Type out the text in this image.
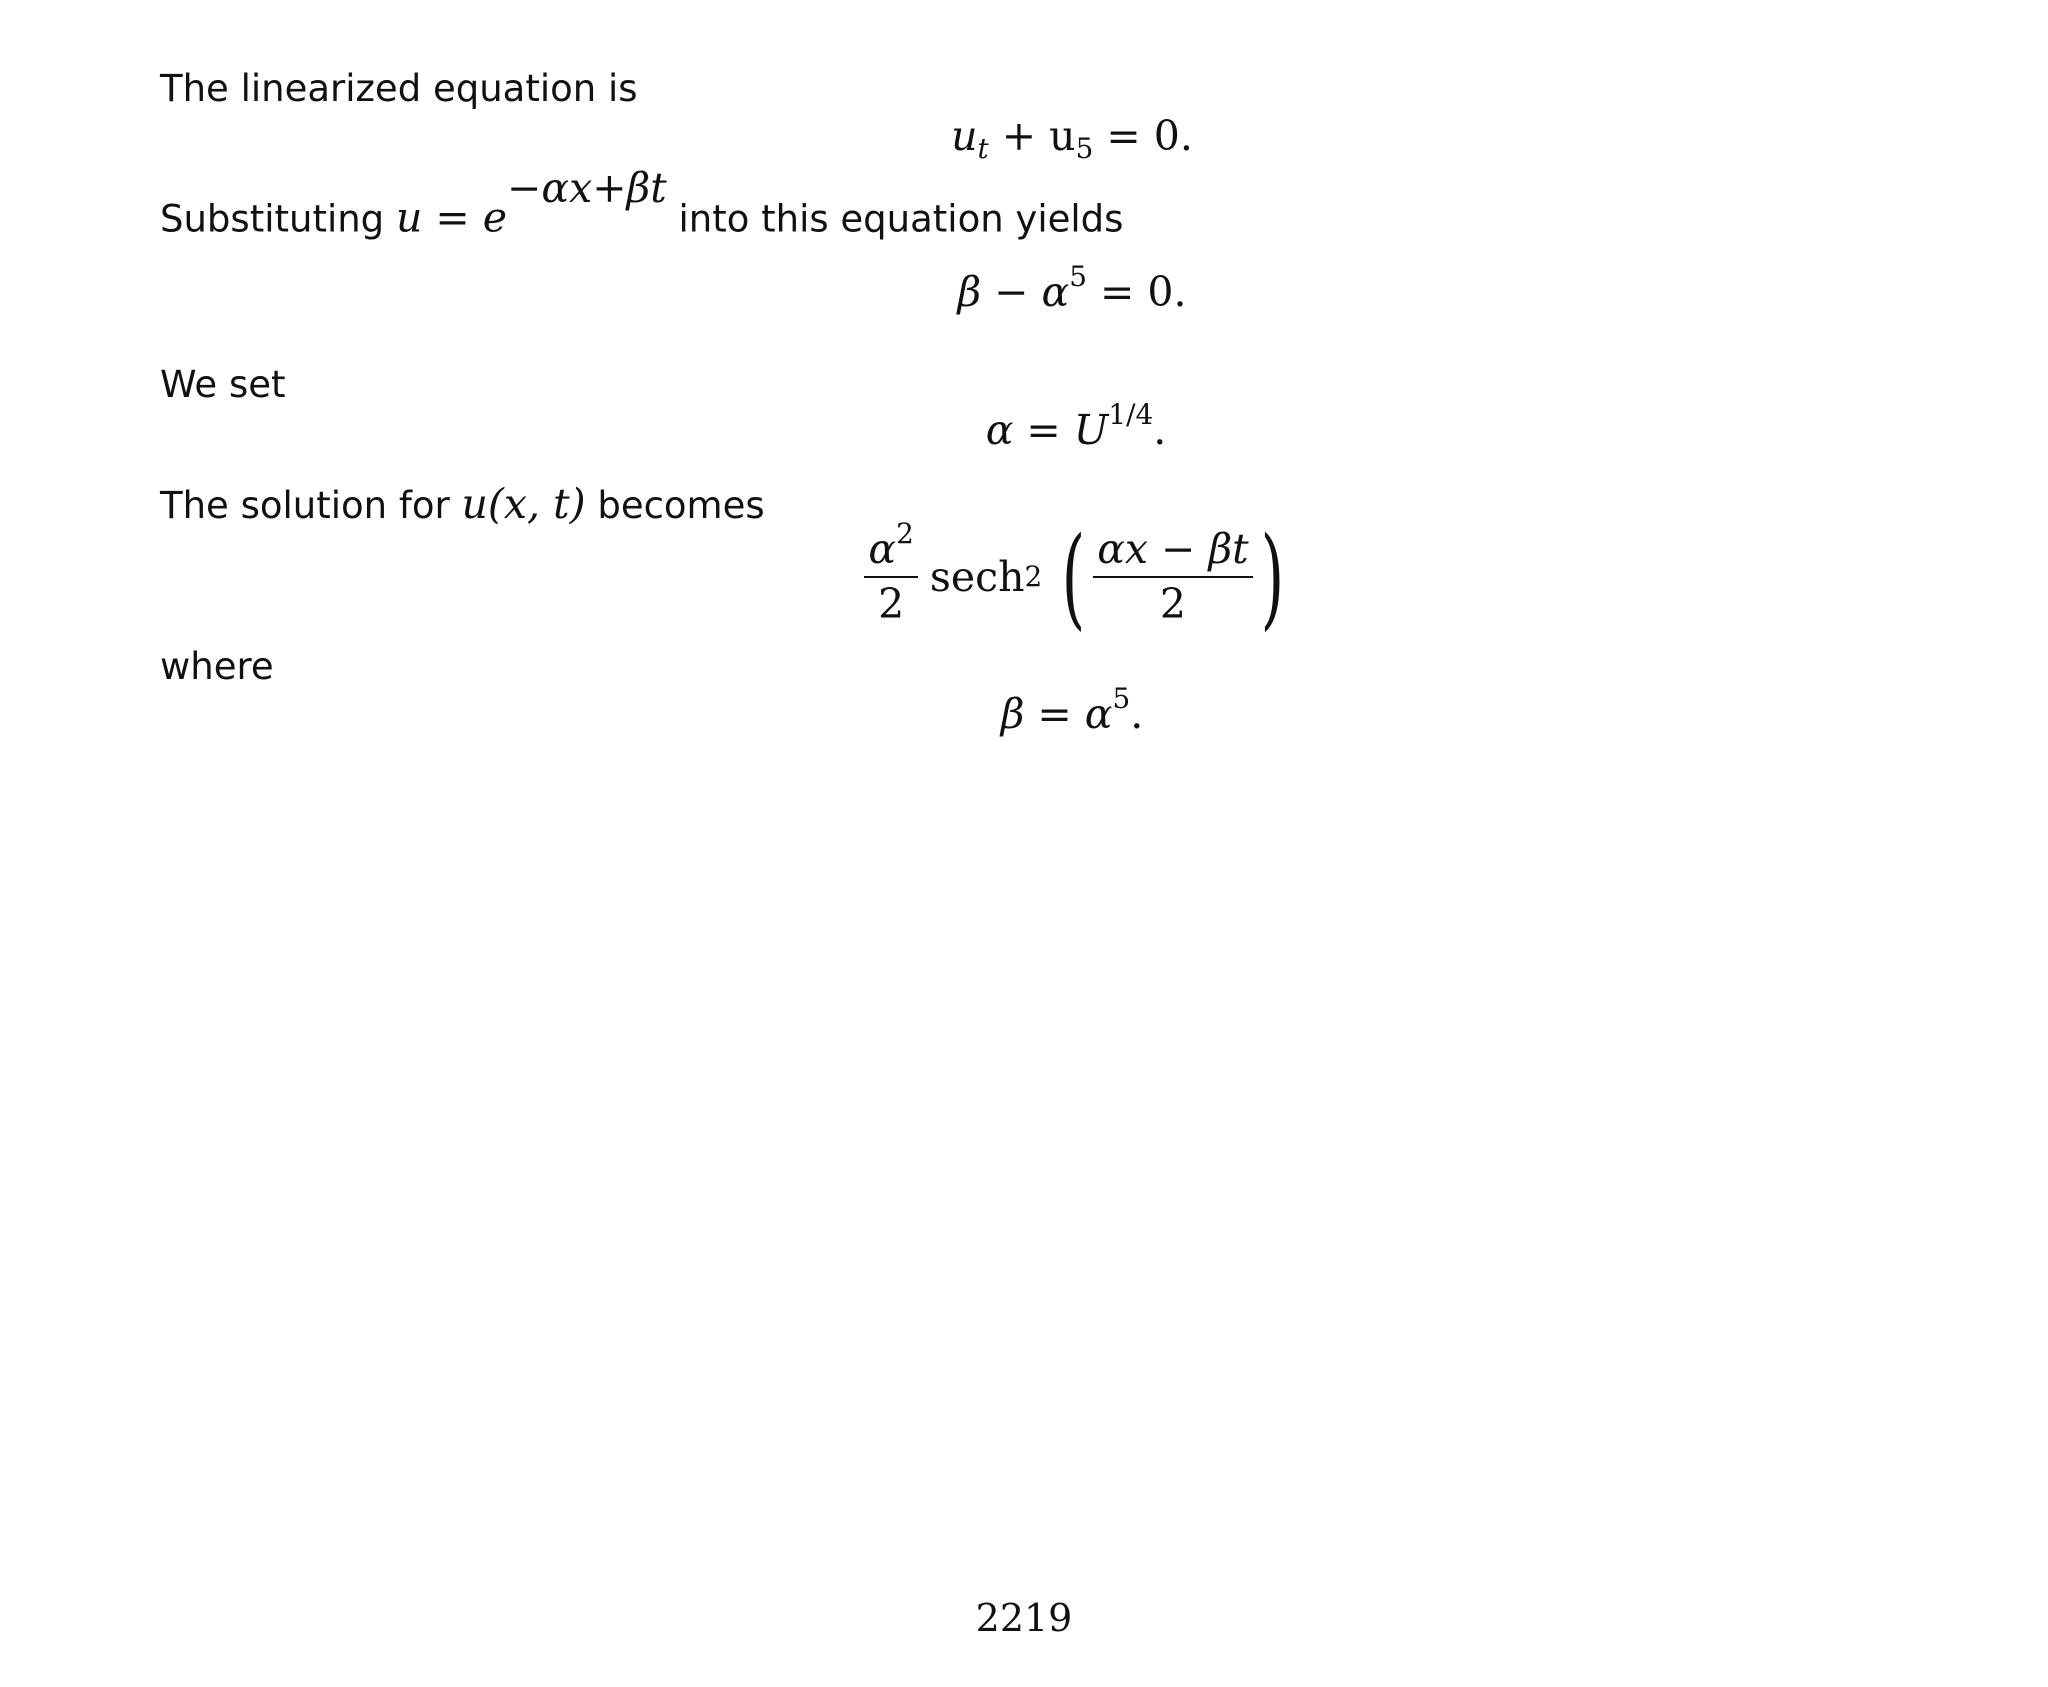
The linearized equation is
$u_t + u_5 = 0$.
Substituting $u = e^{-\alpha x+\beta t}$ into this equation yields
$\beta - \alpha^5 = 0$.
We set
$\alpha = U^{1/4}$.
The solution for u(x, t) becomes
$\frac{\alpha^2}{2}$ sech 2 ( $\frac{\alpha x - \beta t}{2}$ )
where
$\beta = \alpha^5$.
2219
